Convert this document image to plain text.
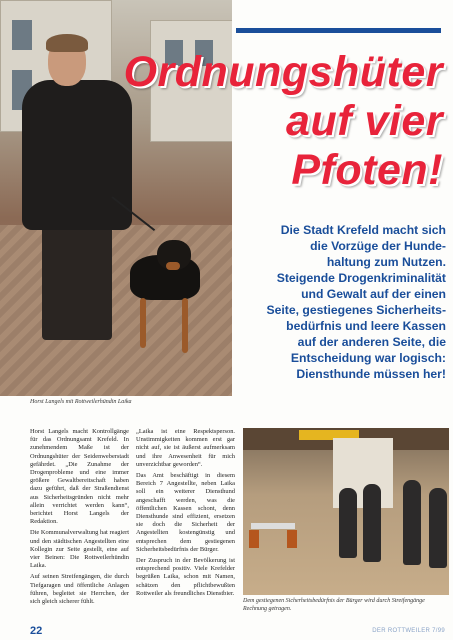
Ordnungshüter
auf vier
Pfoten!
Die Stadt Krefeld macht sich
die Vorzüge der Hunde-
haltung zum Nutzen.
Steigende Drogenkriminalität
und Gewalt auf der einen
Seite, gestiegenes Sicherheits-
bedürfnis und leere Kassen
auf der anderen Seite, die
Entscheidung war logisch:
Diensthunde müssen her!
Horst Langels mit Rottweilerhündin Laika

Horst Langels macht Kontrollgänge für das Ordnungsamt Krefeld. In zunehmendem Maße ist der Ordnungshüter der Seidenweberstadt gefährdet. „Die Zunahme der Drogenprobleme und eine immer größere Gewaltbereitschaft haben dazu geführt, daß der Straßendienst aus Sicherheitsgründen nicht mehr allein verrichtet werden kann“, berichtet Horst Langels der Redaktion.

Die Kommunalverwaltung hat reagiert und den städtischen Angestellten eine Kollegin zur Seite gestellt, eine auf vier Beinen: Die Rottweilerhündin Laika.

Auf seinen Streifengängen, die durch Tiefgaragen und öffentliche Anlagen führen, begleitet sie Herrchen, der sich gleich sicherer fühlt.

„Laika ist eine Respektsperson. Unstimmigkeiten kommen erst gar nicht auf, sie ist äußerst aufmerksam und ihre Anwesenheit für mich unverzichtbar geworden“.

Das Amt beschäftigt in diesem Bereich 7 Angestellte, neben Laika soll ein weiterer Diensthund angeschafft werden, was die öffentlichen Kassen schont, denn Diensthunde sind effizient, ersetzen sie doch die Sicherheit der Angestellten kostengünstig und entsprechen dem gestiegenen Sicherheitsbedürfnis der Bürger.

Der Zuspruch in der Bevölkerung ist entsprechend positiv. Viele Krefelder begrüßen Laika, schon mit Namen, schätzen den pflichtbewußten Rottweiler als freundliches Dienstbier.

Dem gestiegenen Sicherheitsbedürfnis der Bürger wird durch Streifengänge Rechnung getragen.
22	DER ROTTWEILER 7/99
